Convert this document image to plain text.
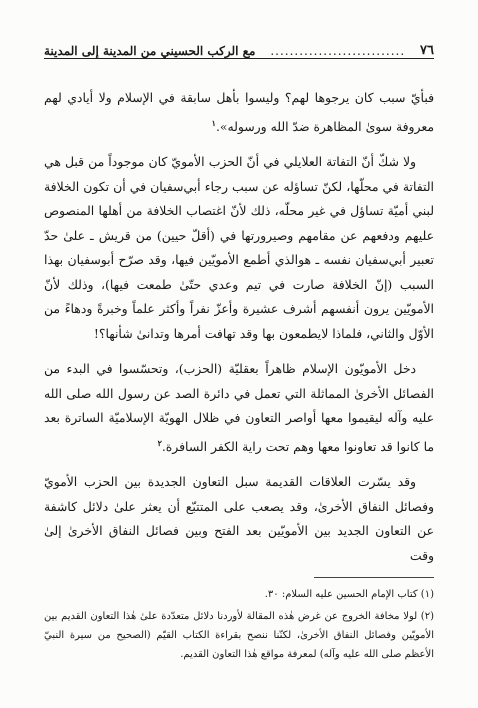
مع الركب الحسيني من المدينة إلى المدينة ............................ ٧٦

فبأيّ سبب كان يرجوها لهم؟ وليسوا بأهل سابقة في الإسلام ولا أيادي لهم معروفة سوىٰ المظاهرة ضدّ الله ورسوله».$^١$

ولا شكّ أنّ التفاتة العلايلي في أنّ الحزب الأمويّ كان موجوداً من قبل هي التفاتة في محلّها، لكنّ تساؤله عن سبب رجاء أبي‌سفيان في أن تكون الخلافة لبني أميّة تساؤل في غير محلّه، ذلك لأنّ اغتصاب الخلافة من أهلها المنصوص عليهم ودفعهم عن مقامهم وصيرورتها في (أقلّ حيين) من قريش ـ علىٰ حدّ تعبير أبي‌سفيان نفسه ـ هوالذي أطمع الأمويّين فيها، وقد صرّح أبوسفيان بهذا السبب (إنّ الخلافة صارت في تيم وعدي حتّىٰ طمعت فيها)، وذلك لأنّ الأمويّين يرون أنفسهم أشرف عشيرة وأعزّ نفراً وأكثر علماً وخبرةً ودهاءً من الأوّل والثاني، فلماذا لايطمعون بها وقد تهافت أمرها وتدانىٰ شأنها؟!

دخل الأمويّون الإسلام ظاهراً بعقليّة (الحزب)، وتحسّسوا في البدء من الفصائل الأخرىٰ المماثلة التي تعمل في دائرة الصد عن رسول الله صلى الله عليه وآله ليقيموا معها أواصر التعاون في ظلال الهويّة الإسلاميّة الساترة بعد ما كانوا قد تعاونوا معها وهم تحت راية الكفر السافرة.$^٢$

وقد يسّرت العلاقات القديمة سبل التعاون الجديدة بين الحزب الأمويّ وفصائل النفاق الأخرىٰ، وقد يصعب على المتتبّع أن يعثر علىٰ دلائل كاشفة عن التعاون الجديد بين الأمويّين بعد الفتح وبين فصائل النفاق الأخرىٰ إلىٰ وقت

(١) كتاب الإمام الحسين عليه السلام: ٣٠.

(٢) لولا مخافة الخروج عن غرض هٰذه المقالة لأوردنا دلائل متعدّدة علىٰ هٰذا التعاون القديم بين الأمويّين وفصائل النفاق الأخرىٰ، لكنّنا ننصح بقراءة الكتاب القيّم (الصحيح من سيرة النبيّ الأعظم صلى الله عليه وآله) لمعرفة مواقع هٰذا التعاون القديم.
